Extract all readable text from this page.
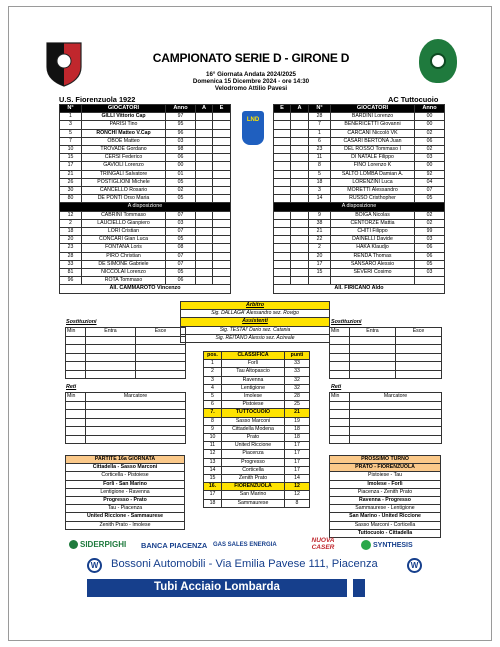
CAMPIONATO SERIE D - GIRONE D
16° Giornata Andata 2024/2025
Domenica 15 Dicembre 2024 - ore 14:30
Velodromo Attilio Pavesi
U.S. Fiorenzuola 1922	AC Tuttocuoio
LND
N°	GIOCATORI	Anno	A	E
1	GILLI Vittorio Cap	97		
3	PARISI Tino	95		
5	RONCHI Matteo V.Cap	96		
7	OBOE Matteo	03		
10	TROVADE Gordano	98		
15	CERSI Federico	06		
17	GAVIOLI Lorenzo	00		
21	TRINGALI Salvatore	01		
26	POSTIGLIONI Michele	05		
30	CANCELLO Rosario	02		
80	DE PONTI Orso Maria	05		
A disposizione				
12	CABRINI Tommaso	07		
2	LAUCIELLO Gianpiero	03		
18	LORI Cristian	07		
20	CONCARI Gian Luca	05		
23	FONTANA Loris	08		
28	PIRO Christian	07		
33	DE SIMONE Gabriele	07		
81	NICCOLAI Lorenzo	05		
96	ROTA Tommaso	06		
All. CAMMAROTO Vincenzo				
E	A	N°	GIOCATORI	Anno
		28	BARDINI Lorenzo	00
		7	BENERICETTI Giovanni	00
		1	CARCANI Niccolò VK	02
		6	CASARI BERTONA Juan	06
		23	DEL ROSSO Tommaso I	02
		11	DI NATALE Filippo	03
		8	FINO Lorenzo K	00
		5	SALTO LOMBA Damian A.	92
		18	LORENZINI Luca	04
		3	MORETTI Alessandro	07
		14	RUSSO Cristhopher	05
A disposizione				
		9	BOIGA Nicolas	02
		38	CENTORZE Mattia	02
		21	CHITI Filippo	99
		22	DAINELLI Davide	03
		2	HAKA Klaudjo	06
		20	RENDA Thomas	06
		17	SANSARO Alessio	05
		15	SEVERI Cosimo	03

All. FIRICANO Aldo				
Arbitro
Sig. DALLAGA' Alessandro sez. Rovigo
Assistenti
Sig. TESTAI' Dario sez. Catania
Sig. REITANO Alessio sez. Acireale
Sostituzioni
Min	Entra	Esce

Sostituzioni
Min	Entra	Esce

pos.	CLASSIFICA	punti
1	Forlì	33
2	Tau Altopascio	33
3	Ravenna	32
4	Lentigione	32
5	Imolese	28
6	Pistoiese	25
7.	TUTTOCUOIO	21
8	Sasso Marconi	19
9	Cittadella Modena	18
10	Prato	18
11	United Riccione	17
12	Piacenza	17
13	Progresso	17
14	Corticella	17
15	Zenith Prato	14
16.	FIORENZUOLA	12
17	San Marino	12
18	Sammaurese	8
Reti
Min	Marcatore

Reti
Min	Marcatore

PARTITE 16a GIORNATA
Cittadella - Sasso Marconi
Corticella - Pistoiese
Forlì - San Marino
Lentigione - Ravenna
Progresso - Prato
Tau - Piacenza
United Riccione - Sammaurese
Zenith Prato - Imolese
PROSSIMO TURNO
PRATO - FIORENZUOLA
Pistoiese - Tau
Imolese - Forlì
Piacenza - Zenith Prato
Ravenna - Progresso
Sammaurese - Lentigione
San Marino - United Riccione
Sasso Marconi - Corticella
Tuttocuoio - Cittadella
SIDERPIGHI BANCA PIACENZA GAS SALES ENERGIA
NUOVA CASER	SYNTHESIS
W	Bossoni Automobili - Via Emilia Pavese 111, Piacenza	W
Tubi Acciaio Lombarda
